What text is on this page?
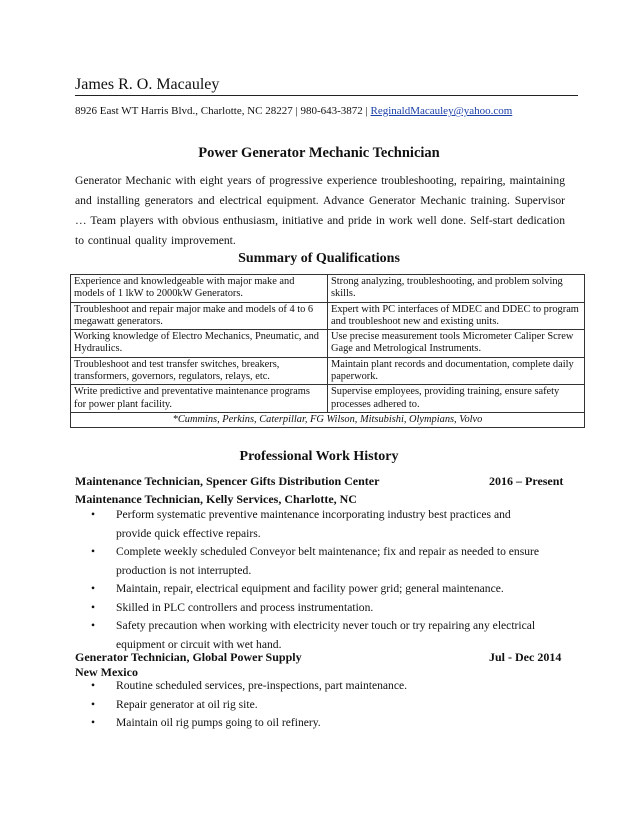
James R. O. Macauley
8926 East WT Harris Blvd., Charlotte, NC 28227 | 980-643-3872 | ReginaldMacauley@yahoo.com
Power Generator Mechanic Technician
Generator Mechanic with eight years of progressive experience troubleshooting, repairing, maintaining and installing generators and electrical equipment. Advance Generator Mechanic training. Supervisor … Team players with obvious enthusiasm, initiative and pride in work well done. Self-start dedication to continual quality improvement.
Summary of Qualifications
Experience and knowledgeable with major make and models of 1 lkW to 2000kW Generators.	Strong analyzing, troubleshooting, and problem solving skills.
Troubleshoot and repair major make and models of 4 to 6 megawatt generators.	Expert with PC interfaces of MDEC and DDEC to program and troubleshoot new and existing units.
Working knowledge of Electro Mechanics, Pneumatic, and Hydraulics.	Use precise measurement tools Micrometer Caliper Screw Gage and Metrological Instruments.
Troubleshoot and test transfer switches, breakers, transformers, governors, regulators, relays, etc.	Maintain plant records and documentation, complete daily paperwork.
Write predictive and preventative maintenance programs for power plant facility.	Supervise employees, providing training, ensure safety processes adhered to.
*Cummins, Perkins, Caterpillar, FG Wilson, Mitsubishi, Olympians, Volvo	
Professional Work History
Maintenance Technician, Spencer Gifts Distribution Center	2016 – Present
Maintenance Technician, Kelly Services, Charlotte, NC
• Perform systematic preventive maintenance incorporating industry best practices and
provide quick effective repairs.
• Complete weekly scheduled Conveyor belt maintenance; fix and repair as needed to ensure
production is not interrupted.
• Maintain, repair, electrical equipment and facility power grid; general maintenance.
• Skilled in PLC controllers and process instrumentation.
• Safety precaution when working with electricity never touch or try repairing any electrical
equipment or circuit with wet hand.
Generator Technician, Global Power Supply	Jul - Dec 2014
New Mexico
• Routine scheduled services, pre-inspections, part maintenance.
• Repair generator at oil rig site.
• Maintain oil rig pumps going to oil refinery.
